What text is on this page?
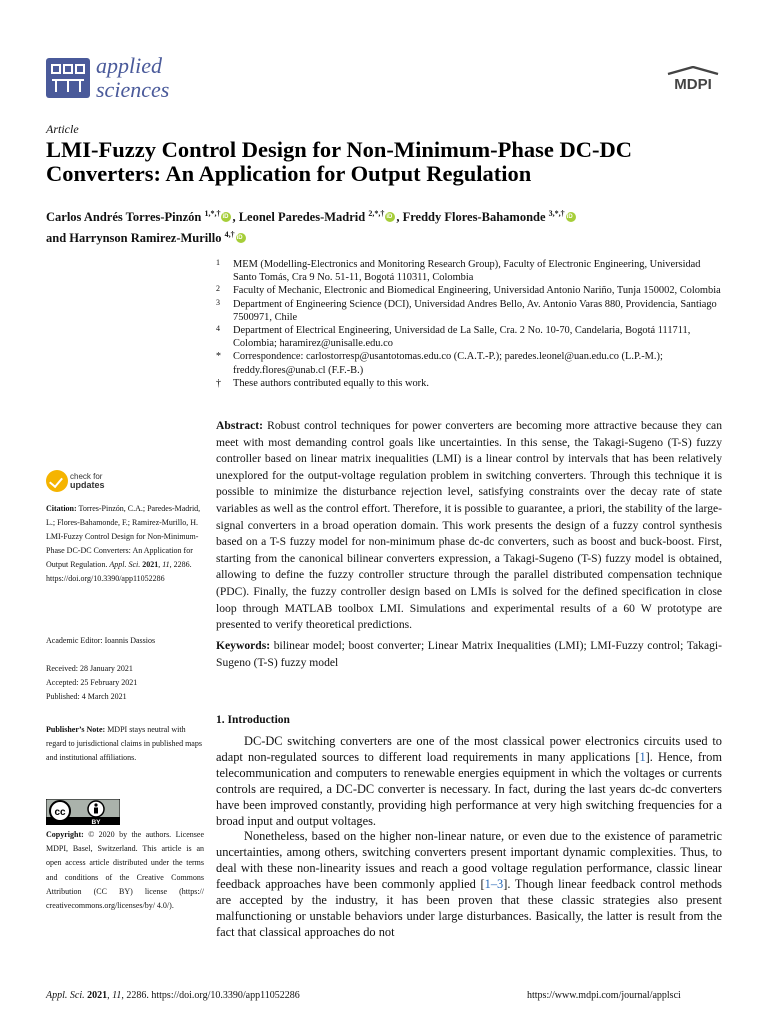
applied
sciences	MDPI
Article
LMI-Fuzzy Control Design for Non-Minimum-Phase DC-DC Converters: An Application for Output Regulation
Carlos Andrés Torres-Pinzón $^{1,*,\dagger}$ iD , Leonel Paredes-Madrid $^{2,*,\dagger}$ iD , Freddy Flores-Bahamonde $^{3,*,\dagger}$iD
and Harrynson Ramirez-Murillo $^{4,\dagger}$iD
1 MEM (Modelling-Electronics and Monitoring Research Group), Faculty of Electronic Engineering, Universidad Santo Tomás, Cra 9 No. 51-11, Bogotá 110311, Colombia
2 Faculty of Mechanic, Electronic and Biomedical Engineering, Universidad Antonio Nariño, Tunja 150002, Colombia
3 Department of Engineering Science (DCI), Universidad Andres Bello, Av. Antonio Varas 880, Providencia, Santiago 7500971, Chile
4 Department of Electrical Engineering, Universidad de La Salle, Cra. 2 No. 10-70, Candelaria, Bogotá 111711, Colombia; haramirez@unisalle.edu.co
* Correspondence: carlostorresp@usantotomas.edu.co (C.A.T.-P.); paredes.leonel@uan.edu.co (L.P.-M.); freddy.flores@unab.cl (F.F.-B.)
† These authors contributed equally to this work.
Abstract: Robust control techniques for power converters are becoming more attractive because they can meet with most demanding control goals like uncertainties. In this sense, the Takagi-Sugeno (T-S) fuzzy controller based on linear matrix inequalities (LMI) is a linear control by intervals that has been relatively unexplored for the output-voltage regulation problem in switching converters. Through this technique it is possible to minimize the disturbance rejection level, satisfying constraints over the decay rate of state variables as well as the control effort. Therefore, it is possible to guarantee, a priori, the stability of the large-signal converters in a broad operation domain. This work presents the design of a fuzzy control synthesis based on a T-S fuzzy model for non-minimum phase dc-dc converters, such as boost and buck-boost. First, starting from the canonical bilinear converters expression, a Takagi-Sugeno (T-S) fuzzy model is obtained, allowing to define the fuzzy controller structure through the parallel distributed compensation technique (PDC). Finally, the fuzzy controller design based on LMIs is solved for the defined specification in close loop through MATLAB toolbox LMI. Simulations and experimental results of a 60 W prototype are presented to verify theoretical predictions.
Keywords: bilinear model; boost converter; Linear Matrix Inequalities (LMI); LMI-Fuzzy control; Takagi-Sugeno (T-S) fuzzy model
check for
updates
Citation: Torres-Pinzón, C.A.; Paredes-Madrid, L.; Flores-Bahamonde, F.; Ramirez-Murillo, H. LMI-Fuzzy Control Design for Non-Minimum-Phase DC-DC Converters: An Application for Output Regulation. Appl. Sci. 2021, 11, 2286. https://doi.org/10.3390/app11052286
Academic Editor: Ioannis Dassios
Received: 28 January 2021
Accepted: 25 February 2021
Published: 4 March 2021
Publisher’s Note: MDPI stays neutral with regard to jurisdictional claims in published maps and institutional affiliations.
cc
BY
Copyright: © 2020 by the authors. Licensee MDPI, Basel, Switzerland. This article is an open access article distributed under the terms and conditions of the Creative Commons Attribution (CC BY) license (https:// creativecommons.org/licenses/by/ 4.0/).
1. Introduction

DC-DC switching converters are one of the most classical power electronics circuits used to adapt non-regulated sources to different load requirements in many applications [1]. Hence, from telecommunication and computers to renewable energies equipment in which the voltages or currents controls are required, a DC-DC converter is necessary. In fact, during the last years dc-dc converters have been improved constantly, providing high performance at very high switching frequencies for a broad input and output voltages.

Nonetheless, based on the higher non-linear nature, or even due to the existence of parametric uncertainties, among others, switching converters present important dynamic complexities. Thus, to deal with these non-linearity issues and reach a good voltage regulation performance, classic linear feedback approaches have been commonly applied [1–3]. Though linear feedback control methods are accepted by the industry, it has been proven that these classic strategies also present malfunctioning or unstable behaviors under large disturbances. Basically, the latter is result from the fact that classical approaches do not

Appl. Sci. 2021, 11, 2286. https://doi.org/10.3390/app11052286	https://www.mdpi.com/journal/applsci
